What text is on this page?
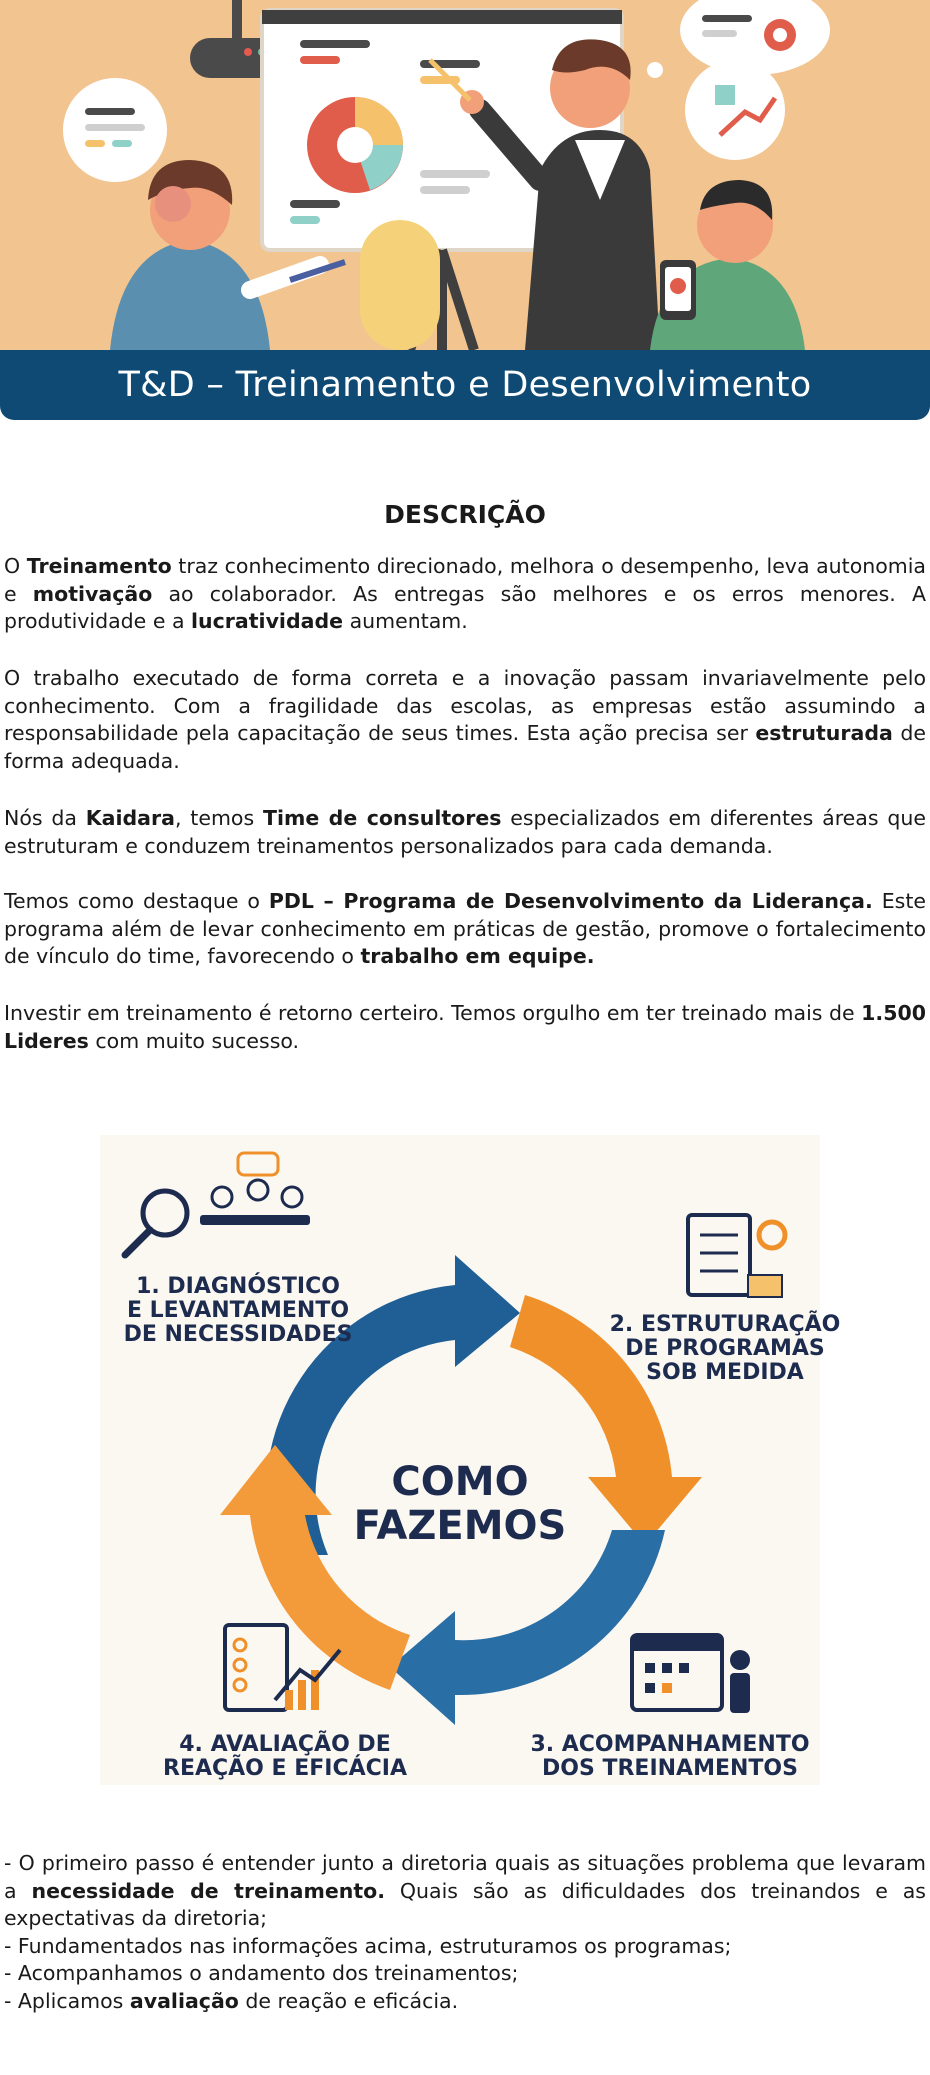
T&D – Treinamento e Desenvolvimento
DESCRIÇÃO
O Treinamento traz conhecimento direcionado, melhora o desempenho, leva autonomia e motivação ao colaborador. As entregas são melhores e os erros menores. A produtividade e a lucratividade aumentam.
O trabalho executado de forma correta e a inovação passam invariavelmente pelo conhecimento. Com a fragilidade das escolas, as empresas estão assumindo a responsabilidade pela capacitação de seus times. Esta ação precisa ser estruturada de forma adequada.
Nós da Kaidara, temos Time de consultores especializados em diferentes áreas que estruturam e conduzem treinamentos personalizados para cada demanda.
Temos como destaque o PDL – Programa de Desenvolvimento da Liderança. Este programa além de levar conhecimento em práticas de gestão, promove o fortalecimento de vínculo do time, favorecendo o trabalho em equipe.
Investir em treinamento é retorno certeiro. Temos orgulho em ter treinado mais de 1.500 Lideres com muito sucesso.
COMO
FAZEMOS
1. DIAGNÓSTICO
E LEVANTAMENTO
DE NECESSIDADES	2. ESTRUTURAÇÃO
DE PROGRAMAS
SOB MEDIDA
3. ACOMPANHAMENTO
DOS TREINAMENTOS
4. AVALIAÇÃO DE
REAÇÃO E EFICÁCIA
- O primeiro passo é entender junto a diretoria quais as situações problema que levaram a necessidade de treinamento. Quais são as dificuldades dos treinandos e as expectativas da diretoria;
- Fundamentados nas informações acima, estruturamos os programas;
- Acompanhamos o andamento dos treinamentos;
- Aplicamos avaliação de reação e eficácia.
